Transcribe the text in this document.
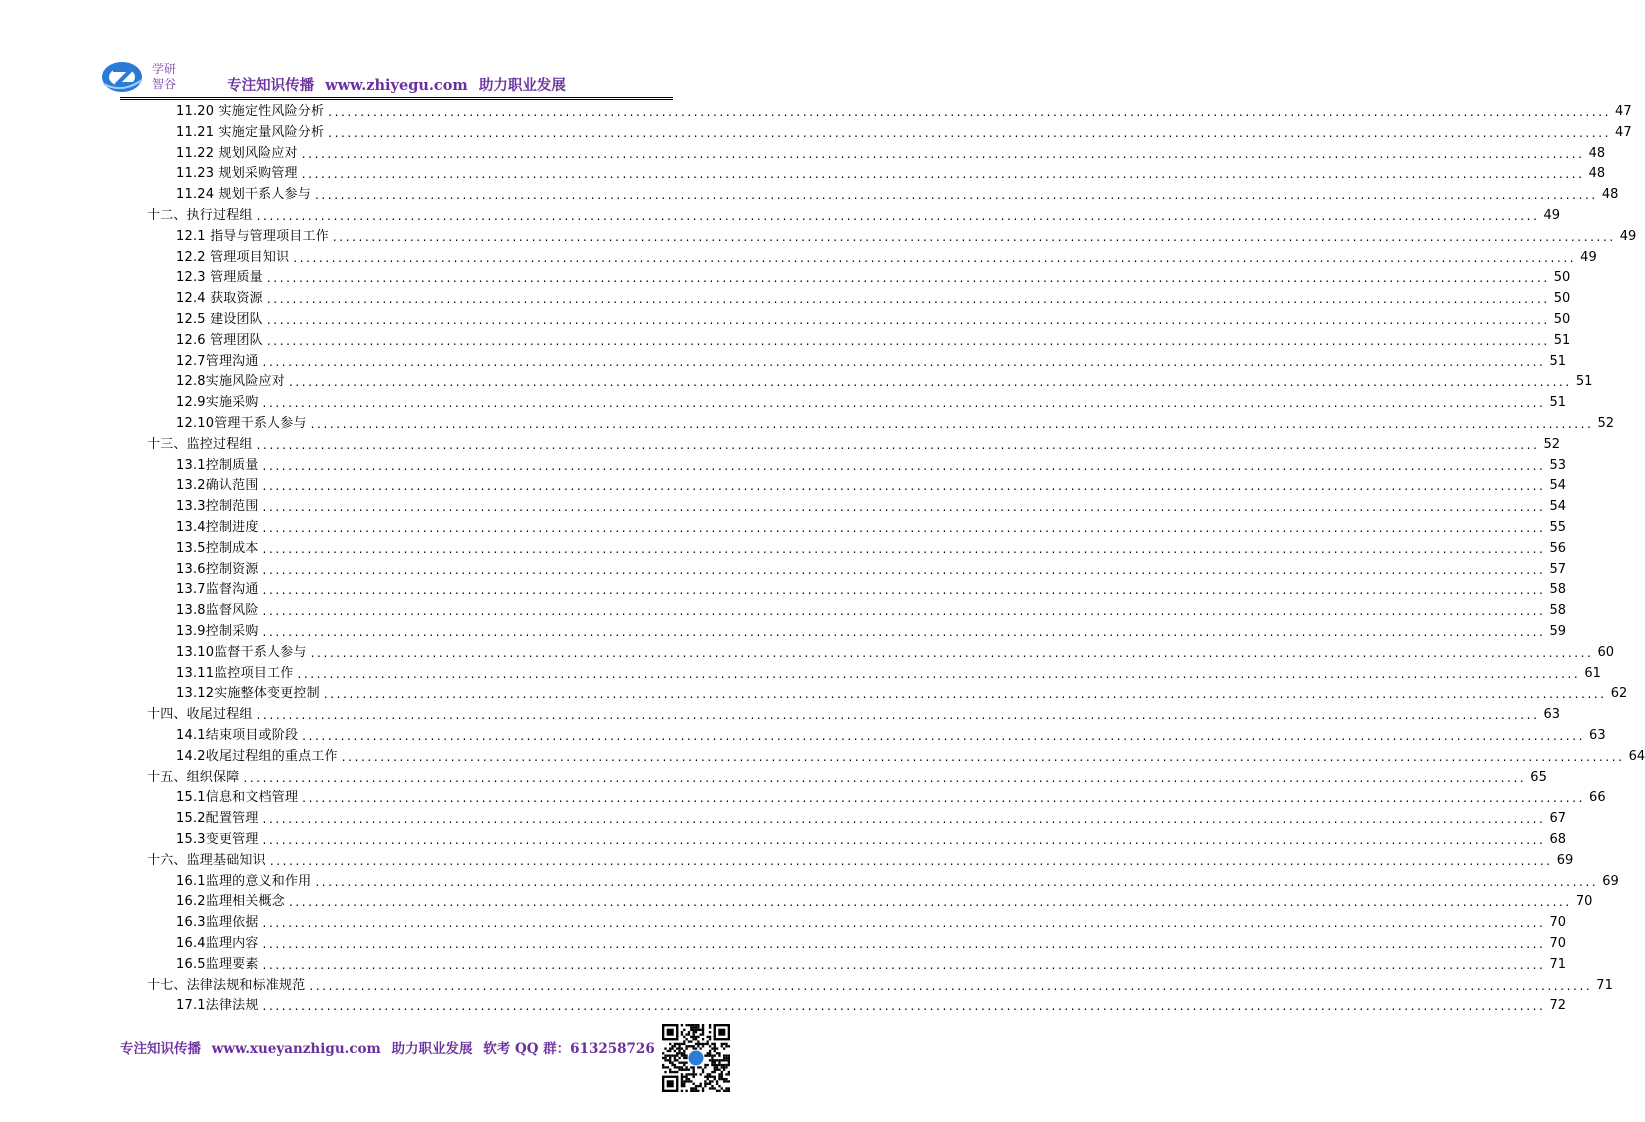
学研
智谷	专注知识传播 www.zhiyegu.com 助力职业发展
11.20 实施定性风险分析 ........................................................................................................................................................................................................ 47
11.21 实施定量风险分析 ........................................................................................................................................................................................................ 47
11.22 规划风险应对 ........................................................................................................................................................................................................ 48
11.23 规划采购管理 ........................................................................................................................................................................................................ 48
11.24 规划干系人参与 ........................................................................................................................................................................................................ 48
十二、执行过程组 ........................................................................................................................................................................................................ 49
12.1 指导与管理项目工作 ........................................................................................................................................................................................................ 49
12.2 管理项目知识 ........................................................................................................................................................................................................ 49
12.3 管理质量 ........................................................................................................................................................................................................ 50
12.4 获取资源 ........................................................................................................................................................................................................ 50
12.5 建设团队 ........................................................................................................................................................................................................ 50
12.6 管理团队 ........................................................................................................................................................................................................ 51
12.7管理沟通 ........................................................................................................................................................................................................ 51
12.8实施风险应对 ........................................................................................................................................................................................................ 51
12.9实施采购 ........................................................................................................................................................................................................ 51
12.10管理干系人参与 ........................................................................................................................................................................................................ 52
十三、监控过程组 ........................................................................................................................................................................................................ 52
13.1控制质量 ........................................................................................................................................................................................................ 53
13.2确认范围 ........................................................................................................................................................................................................ 54
13.3控制范围 ........................................................................................................................................................................................................ 54
13.4控制进度 ........................................................................................................................................................................................................ 55
13.5控制成本 ........................................................................................................................................................................................................ 56
13.6控制资源 ........................................................................................................................................................................................................ 57
13.7监督沟通 ........................................................................................................................................................................................................ 58
13.8监督风险 ........................................................................................................................................................................................................ 58
13.9控制采购 ........................................................................................................................................................................................................ 59
13.10监督干系人参与 ........................................................................................................................................................................................................ 60
13.11监控项目工作 ........................................................................................................................................................................................................ 61
13.12实施整体变更控制 ........................................................................................................................................................................................................ 62
十四、收尾过程组 ........................................................................................................................................................................................................ 63
14.1结束项目或阶段 ........................................................................................................................................................................................................ 63
14.2收尾过程组的重点工作 ........................................................................................................................................................................................................ 64
十五、组织保障 ........................................................................................................................................................................................................ 65
15.1信息和文档管理 ........................................................................................................................................................................................................ 66
15.2配置管理 ........................................................................................................................................................................................................ 67
15.3变更管理 ........................................................................................................................................................................................................ 68
十六、监理基础知识 ........................................................................................................................................................................................................ 69
16.1监理的意义和作用 ........................................................................................................................................................................................................ 69
16.2监理相关概念 ........................................................................................................................................................................................................ 70
16.3监理依据 ........................................................................................................................................................................................................ 70
16.4监理内容 ........................................................................................................................................................................................................ 70
16.5监理要素 ........................................................................................................................................................................................................ 71
十七、法律法规和标准规范 ........................................................................................................................................................................................................ 71
17.1法律法规 ........................................................................................................................................................................................................ 72
专注知识传播 www.xueyanzhigu.com 助力职业发展 软考 QQ 群：613258726
